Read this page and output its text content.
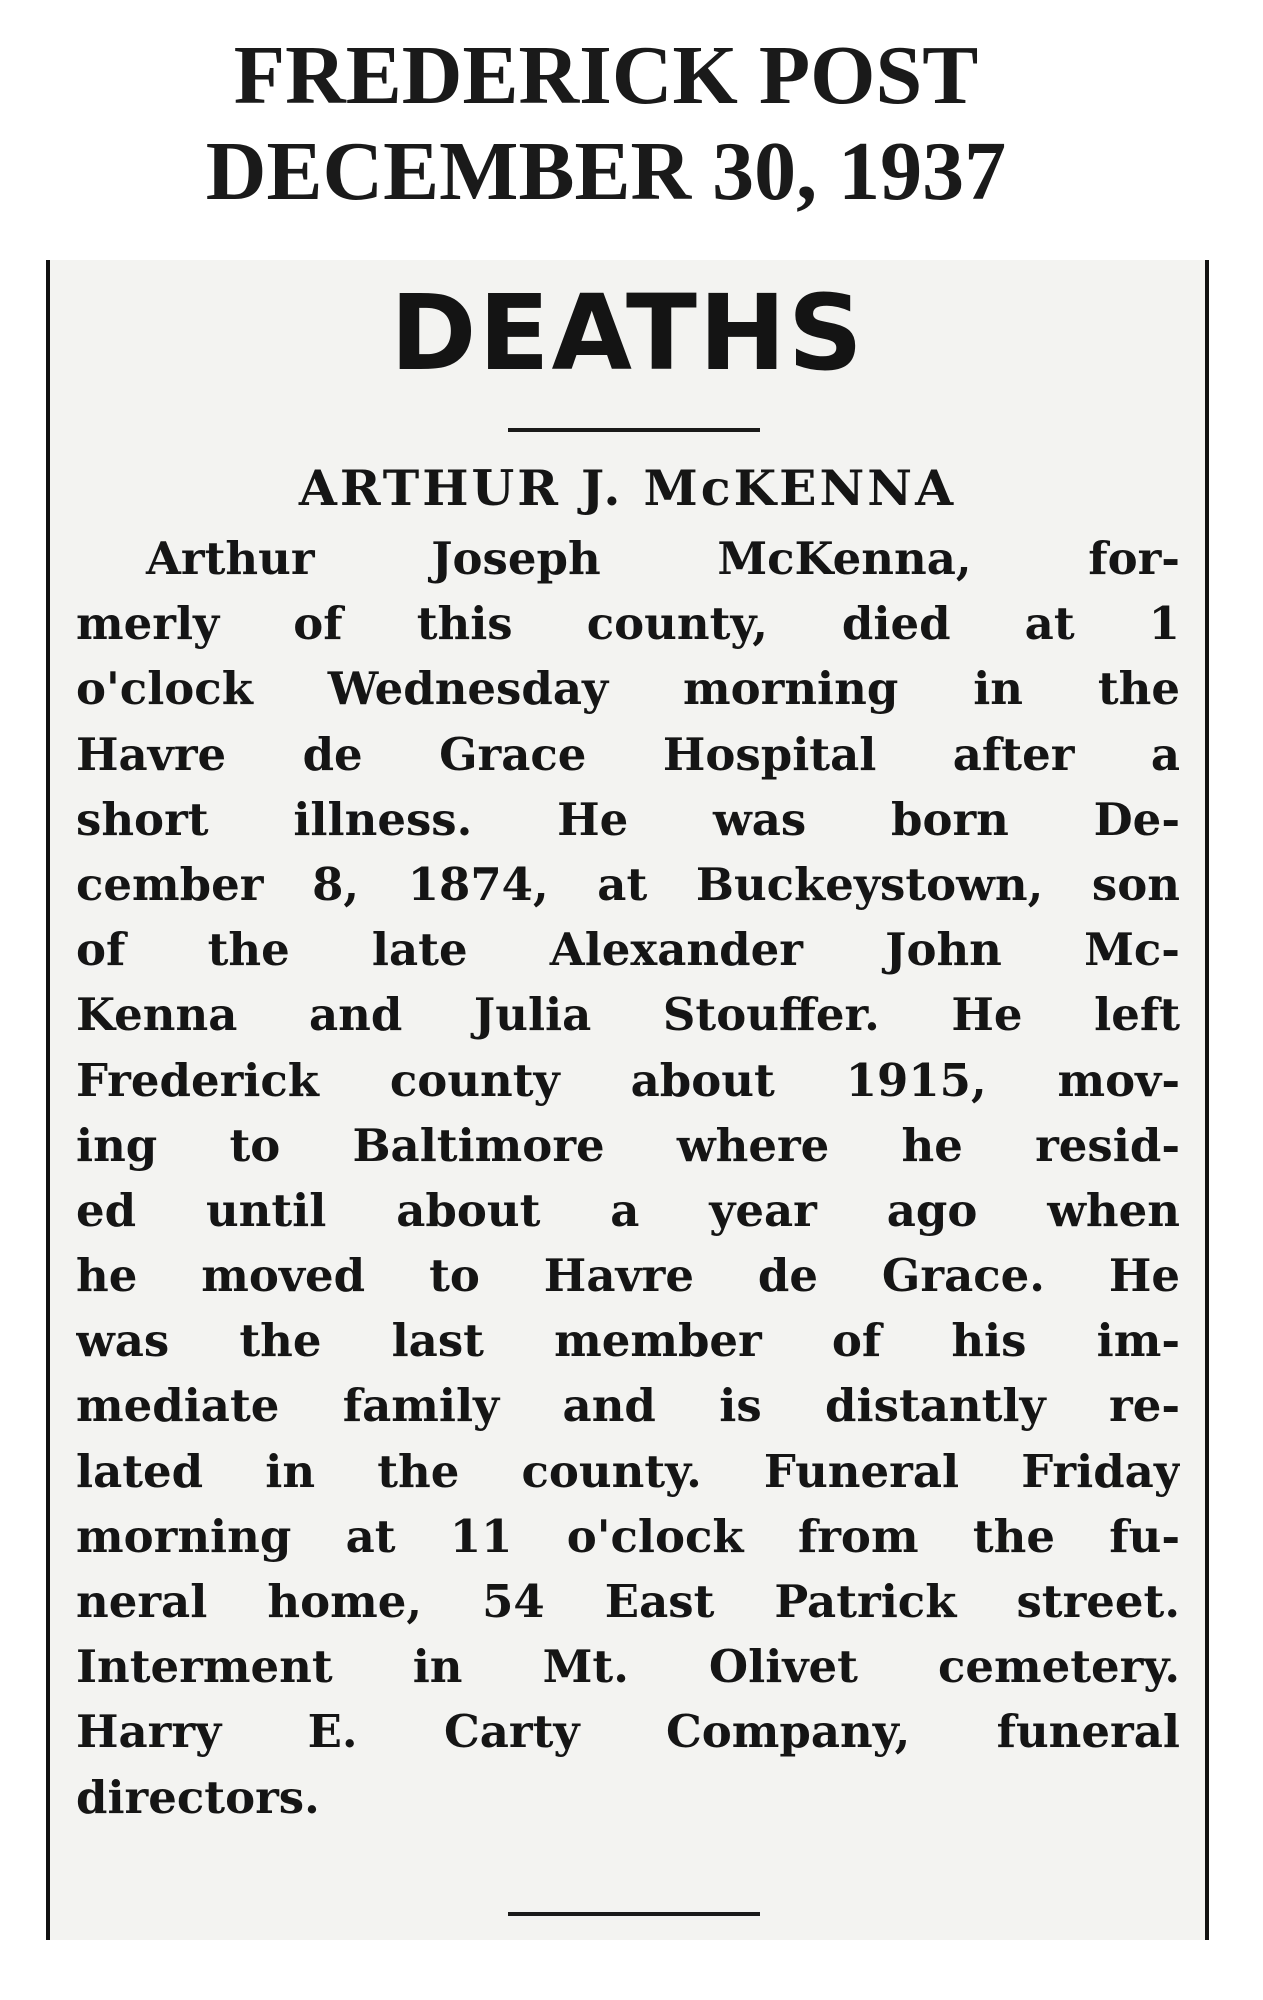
FREDERICK POST
DECEMBER 30, 1937
DEATHS
ARTHUR J. McKENNA
Arthur Joseph McKenna, for-
merly of this county, died at 1
o'clock Wednesday morning in the
Havre de Grace Hospital after a
short illness. He was born De-
cember 8, 1874, at Buckeystown, son
of the late Alexander John Mc-
Kenna and Julia Stouffer. He left
Frederick county about 1915, mov-
ing to Baltimore where he resid-
ed until about a year ago when
he moved to Havre de Grace. He
was the last member of his im-
mediate family and is distantly re-
lated in the county. Funeral Friday
morning at 11 o'clock from the fu-
neral home, 54 East Patrick street.
Interment in Mt. Olivet cemetery.
Harry E. Carty Company, funeral
directors.
